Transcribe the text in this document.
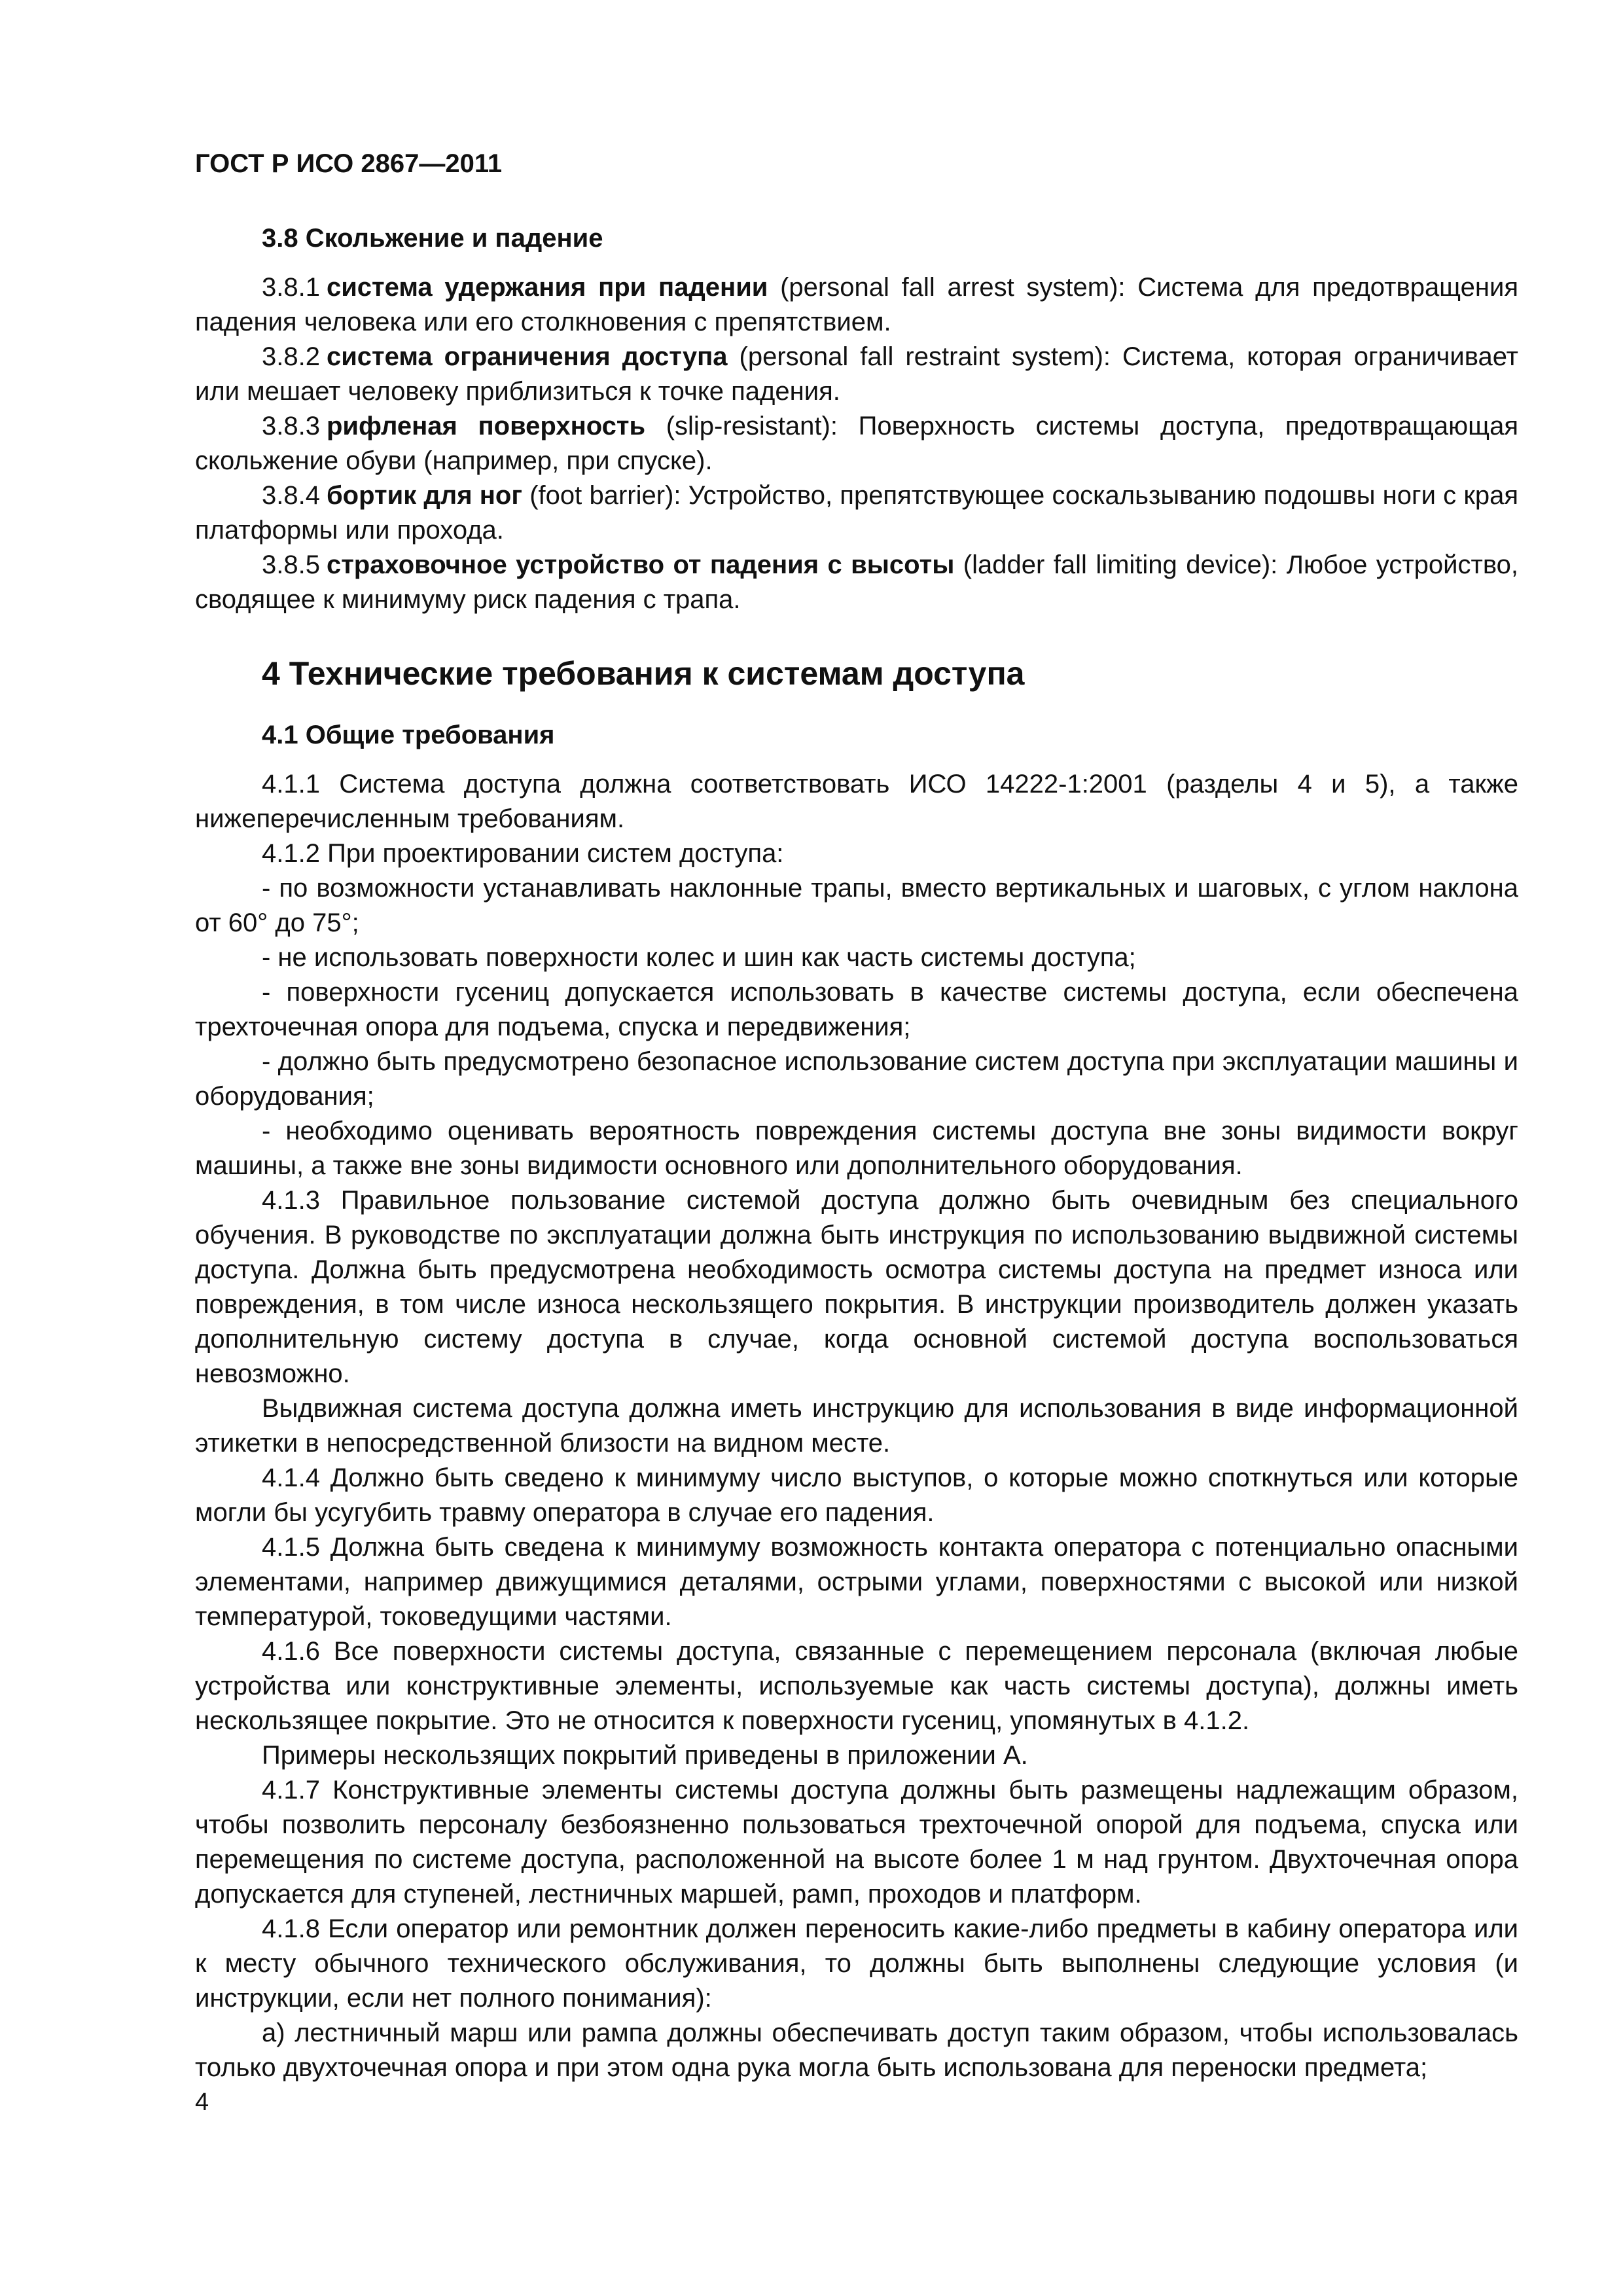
ГОСТ Р ИСО 2867—2011
3.8 Скольжение и падение

3.8.1 система удержания при падении (personal fall arrest system): Система для предотвращения падения человека или его столкновения с препятствием.

3.8.2 система ограничения доступа (personal fall restraint system): Система, которая ограничивает или мешает человеку приблизиться к точке падения.

3.8.3 рифленая поверхность (slip-resistant): Поверхность системы доступа, предотвращающая скольжение обуви (например, при спуске).

3.8.4 бортик для ног (foot barrier): Устройство, препятствующее соскальзыванию подошвы ноги с края платформы или прохода.

3.8.5 страховочное устройство от падения с высоты (ladder fall limiting device): Любое устройство, сводящее к минимуму риск падения с трапа.

4 Технические требования к системам доступа
4.1 Общие требования

4.1.1 Система доступа должна соответствовать ИСО 14222-1:2001 (разделы 4 и 5), а также нижеперечисленным требованиям.

4.1.2 При проектировании систем доступа:

- по возможности устанавливать наклонные трапы, вместо вертикальных и шаговых, с углом наклона от 60° до 75°;

- не использовать поверхности колес и шин как часть системы доступа;

- поверхности гусениц допускается использовать в качестве системы доступа, если обеспечена трехточечная опора для подъема, спуска и передвижения;

- должно быть предусмотрено безопасное использование систем доступа при эксплуатации машины и оборудования;

- необходимо оценивать вероятность повреждения системы доступа вне зоны видимости вокруг машины, а также вне зоны видимости основного или дополнительного оборудования.

4.1.3 Правильное пользование системой доступа должно быть очевидным без специального обучения. В руководстве по эксплуатации должна быть инструкция по использованию выдвижной системы доступа. Должна быть предусмотрена необходимость осмотра системы доступа на предмет износа или повреждения, в том числе износа нескользящего покрытия. В инструкции производитель должен указать дополнительную систему доступа в случае, когда основной системой доступа воспользоваться невозможно.

Выдвижная система доступа должна иметь инструкцию для использования в виде информационной этикетки в непосредственной близости на видном месте.

4.1.4 Должно быть сведено к минимуму число выступов, о которые можно споткнуться или которые могли бы усугубить травму оператора в случае его падения.

4.1.5 Должна быть сведена к минимуму возможность контакта оператора с потенциально опасными элементами, например движущимися деталями, острыми углами, поверхностями с высокой или низкой температурой, токоведущими частями.

4.1.6 Все поверхности системы доступа, связанные с перемещением персонала (включая любые устройства или конструктивные элементы, используемые как часть системы доступа), должны иметь нескользящее покрытие. Это не относится к поверхности гусениц, упомянутых в 4.1.2.

Примеры нескользящих покрытий приведены в приложении А.

4.1.7 Конструктивные элементы системы доступа должны быть размещены надлежащим образом, чтобы позволить персоналу безбоязненно пользоваться трехточечной опорой для подъема, спуска или перемещения по системе доступа, расположенной на высоте более 1 м над грунтом. Двухточечная опора допускается для ступеней, лестничных маршей, рамп, проходов и платформ.

4.1.8 Если оператор или ремонтник должен переносить какие-либо предметы в кабину оператора или к месту обычного технического обслуживания, то должны быть выполнены следующие условия (и инструкции, если нет полного понимания):

а) лестничный марш или рампа должны обеспечивать доступ таким образом, чтобы использовалась только двухточечная опора и при этом одна рука могла быть использована для переноски предмета;

4
